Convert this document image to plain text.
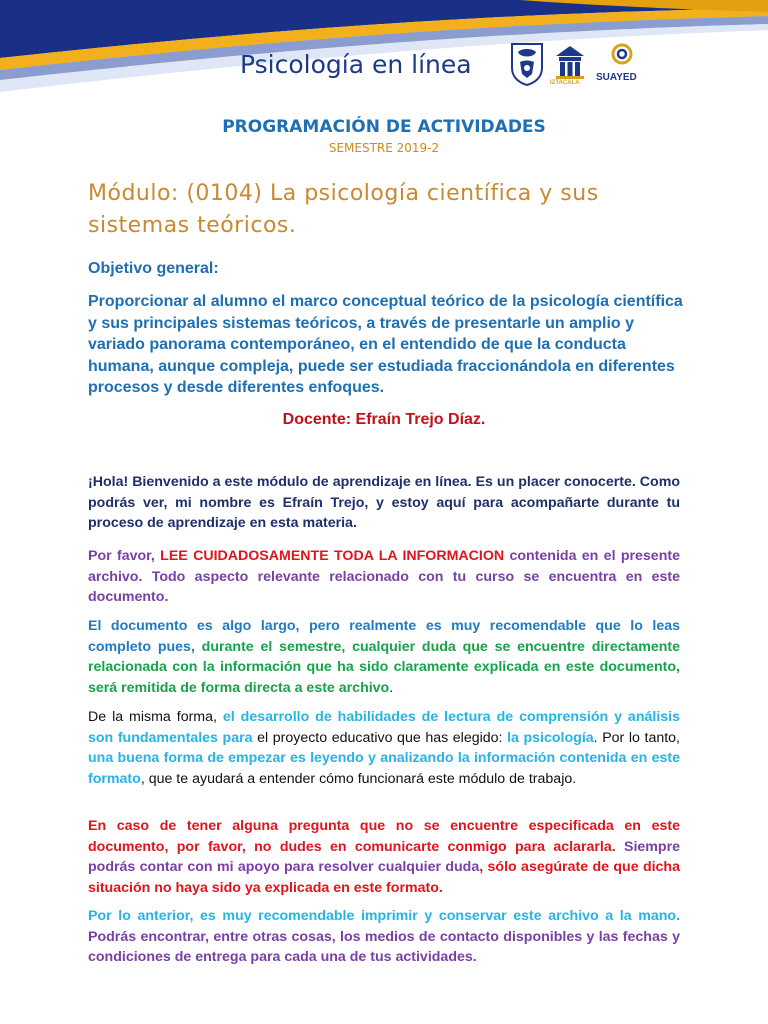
Psicología en línea
IZTACALA SUAYED
PROGRAMACIÓN DE ACTIVIDADES
SEMESTRE 2019-2
Módulo: (0104) La psicología científica y sus
sistemas teóricos.
Objetivo general:
Proporcionar al alumno el marco conceptual teórico de la psicología científica y sus principales sistemas teóricos, a través de presentarle un amplio y variado panorama contemporáneo, en el entendido de que la conducta humana, aunque compleja, puede ser estudiada fraccionándola en diferentes procesos y desde diferentes enfoques.
Docente: Efraín Trejo Díaz.
¡Hola! Bienvenido a este módulo de aprendizaje en línea. Es un placer conocerte. Como podrás ver, mi nombre es Efraín Trejo, y estoy aquí para acompañarte durante tu proceso de aprendizaje en esta materia.
Por favor, LEE CUIDADOSAMENTE TODA LA INFORMACION contenida en el presente archivo. Todo aspecto relevante relacionado con tu curso se encuentra en este documento.
El documento es algo largo, pero realmente es muy recomendable que lo leas completo pues, durante el semestre, cualquier duda que se encuentre directamente relacionada con la información que ha sido claramente explicada en este documento, será remitida de forma directa a este archivo.
De la misma forma, el desarrollo de habilidades de lectura de comprensión y análisis son fundamentales para el proyecto educativo que has elegido: la psicología. Por lo tanto, una buena forma de empezar es leyendo y analizando la información contenida en este formato, que te ayudará a entender cómo funcionará este módulo de trabajo.
En caso de tener alguna pregunta que no se encuentre especificada en este documento, por favor, no dudes en comunicarte conmigo para aclararla. Siempre podrás contar con mi apoyo para resolver cualquier duda, sólo asegúrate de que dicha situación no haya sido ya explicada en este formato.
Por lo anterior, es muy recomendable imprimir y conservar este archivo a la mano. Podrás encontrar, entre otras cosas, los medios de contacto disponibles y las fechas y condiciones de entrega para cada una de tus actividades.
